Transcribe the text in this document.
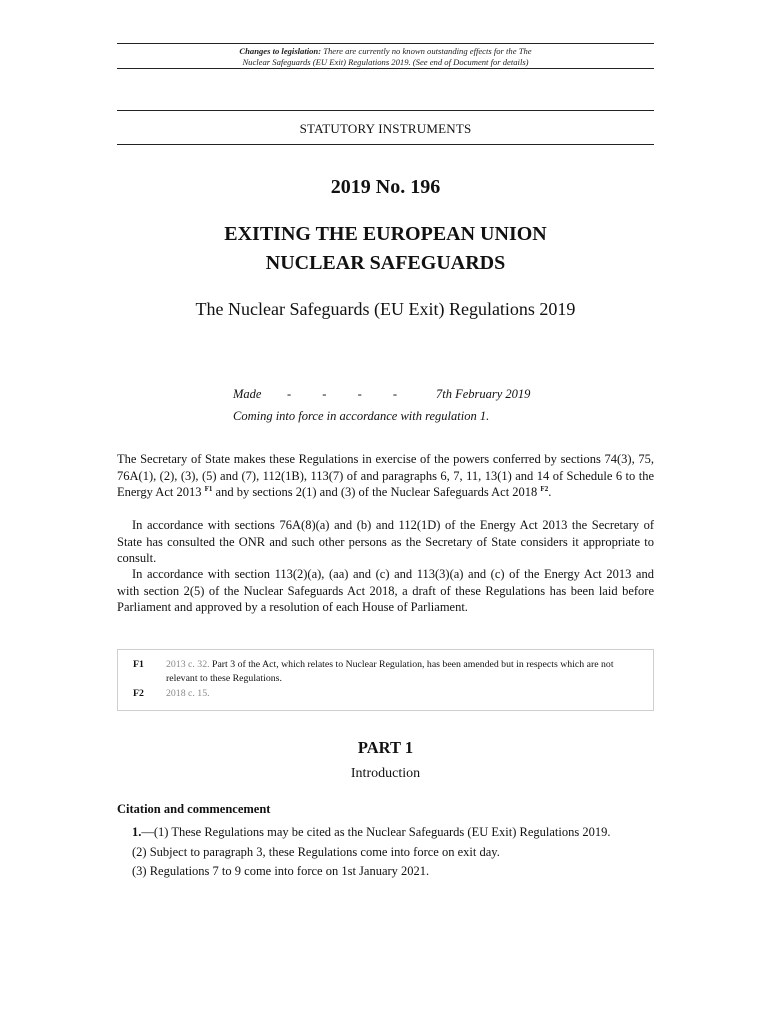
Changes to legislation: There are currently no known outstanding effects for the The
Nuclear Safeguards (EU Exit) Regulations 2019. (See end of Document for details)
STATUTORY INSTRUMENTS
2019 No. 196
EXITING THE EUROPEAN UNION
NUCLEAR SAFEGUARDS
The Nuclear Safeguards (EU Exit) Regulations 2019
Made - - - - 7th February 2019
Coming into force in accordance with regulation 1.

The Secretary of State makes these Regulations in exercise of the powers conferred by sections 74(3), 75, 76A(1), (2), (3), (5) and (7), 112(1B), 113(7) of and paragraphs 6, 7, 11, 13(1) and 14 of Schedule 6 to the Energy Act 2013 $^{F1}$ and by sections 2(1) and (3) of the Nuclear Safeguards Act 2018 $^{F2}$.

In accordance with sections 76A(8)(a) and (b) and 112(1D) of the Energy Act 2013 the Secretary of State has consulted the ONR and such other persons as the Secretary of State considers it appropriate to consult.

In accordance with section 113(2)(a), (aa) and (c) and 113(3)(a) and (c) of the Energy Act 2013 and with section 2(5) of the Nuclear Safeguards Act 2018, a draft of these Regulations has been laid before Parliament and approved by a resolution of each House of Parliament.

F1 2013 c. 32. Part 3 of the Act, which relates to Nuclear Regulation, has been amended but in respects which are not relevant to these Regulations.
F2 2018 c. 15.
PART 1
Introduction
Citation and commencement
1.—(1) These Regulations may be cited as the Nuclear Safeguards (EU Exit) Regulations 2019.
(2) Subject to paragraph 3, these Regulations come into force on exit day.
(3) Regulations 7 to 9 come into force on 1st January 2021.
